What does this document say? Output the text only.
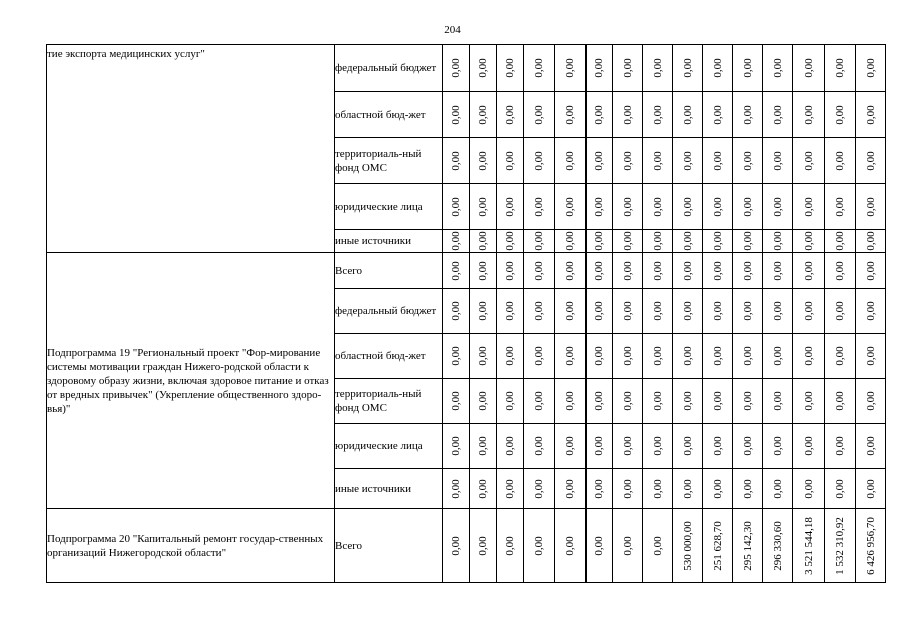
204
тие экспорта медицинских услуг"	федеральный бюджет	0,00	0,00	0,00	0,00	0,00	0,00	0,00	0,00	0,00	0,00	0,00	0,00	0,00	0,00	0,00

	областной бюд-жет	0,00	0,00	0,00	0,00	0,00	0,00	0,00	0,00	0,00	0,00	0,00	0,00	0,00	0,00	0,00

	территориаль-ный фонд ОМС	0,00	0,00	0,00	0,00	0,00	0,00	0,00	0,00	0,00	0,00	0,00	0,00	0,00	0,00	0,00

	юридические лица	0,00	0,00	0,00	0,00	0,00	0,00	0,00	0,00	0,00	0,00	0,00	0,00	0,00	0,00	0,00

	иные источники	0,00	0,00	0,00	0,00	0,00	0,00	0,00	0,00	0,00	0,00	0,00	0,00	0,00	0,00	0,00

Подпрограмма 19 "Региональный проект "Фор-мирование системы мотивации граждан Нижего-родской области к здоровому образу жизни, включая здоровое питание и отказ от вредных привычек" (Укрепление общественного здоро-вья)"	Всего	0,00	0,00	0,00	0,00	0,00	0,00	0,00	0,00	0,00	0,00	0,00	0,00	0,00	0,00	0,00

	федеральный бюджет	0,00	0,00	0,00	0,00	0,00	0,00	0,00	0,00	0,00	0,00	0,00	0,00	0,00	0,00	0,00

	областной бюд-жет	0,00	0,00	0,00	0,00	0,00	0,00	0,00	0,00	0,00	0,00	0,00	0,00	0,00	0,00	0,00

	территориаль-ный фонд ОМС	0,00	0,00	0,00	0,00	0,00	0,00	0,00	0,00	0,00	0,00	0,00	0,00	0,00	0,00	0,00

	юридические лица	0,00	0,00	0,00	0,00	0,00	0,00	0,00	0,00	0,00	0,00	0,00	0,00	0,00	0,00	0,00

	иные источники	0,00	0,00	0,00	0,00	0,00	0,00	0,00	0,00	0,00	0,00	0,00	0,00	0,00	0,00	0,00

Подпрограмма 20 "Капитальный ремонт государ-ственных организаций Нижегородской области"	Всего	0,00	0,00	0,00	0,00	0,00	0,00	0,00	0,00	530 000,00	251 628,70	295 142,30	296 330,60	3 521 544,18	1 532 310,92	6 426 956,70
